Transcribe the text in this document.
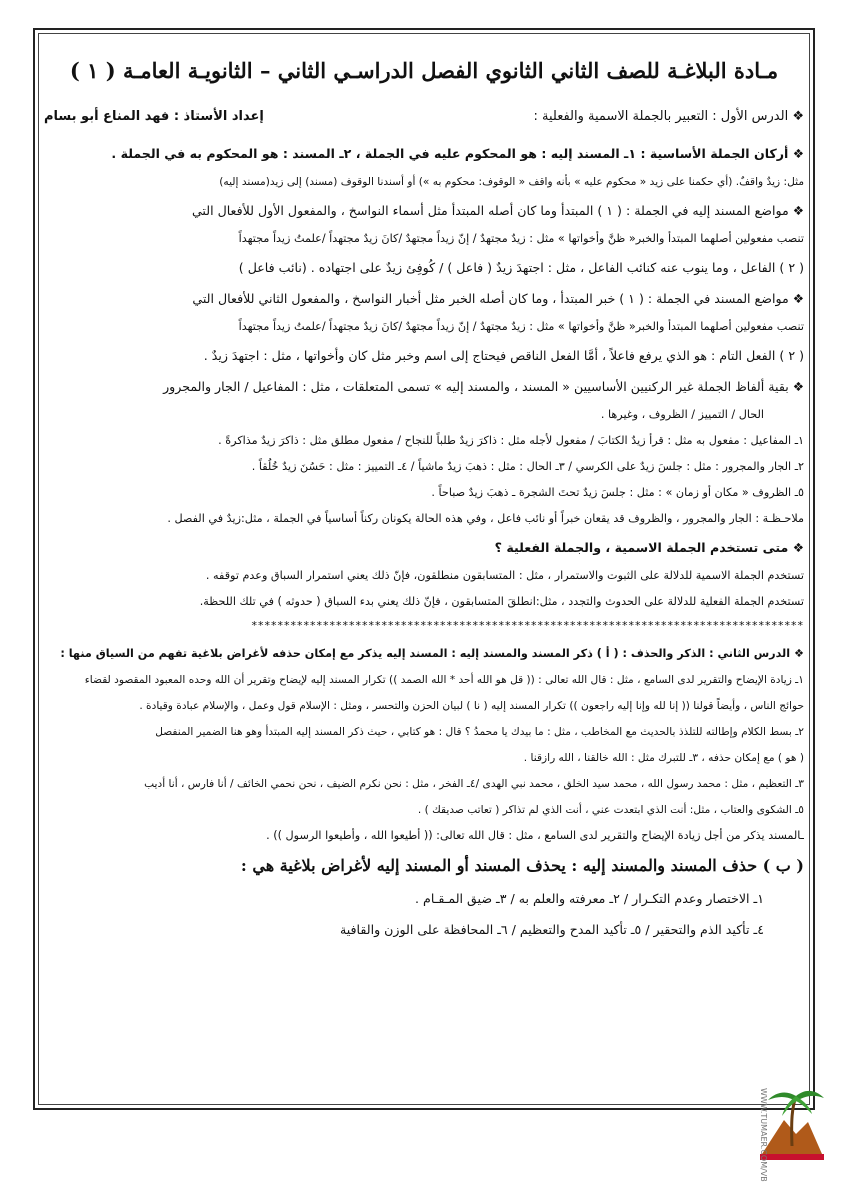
مـادة البلاغـة للصف الثاني الثانوي الفصل الدراسـي الثاني – الثانويـة العامـة ( ١ )
❖ الدرس الأول : التعبير بالجملة الاسمية والفعلية :
إعداد الأستاذ : فهد المناع أبو بسام
❖ أركان الجملة الأساسية : ١ـ المسند إليه : هو المحكوم عليه في الجملة ، ٢ـ المسند : هو المحكوم به في الجملة .
مثل: زيدٌ واقفٌ. (أي حكمنا على زيد « محكوم عليه » بأنه واقف « الوقوف: محكوم به ») أو أسندنا الوقوف (مسند) إلى زيد(مسند إليه)
❖ مواضع المسند إليه في الجملة : ( ١ ) المبتدأ وما كان أصله المبتدأ مثل أسماء النواسخ ، والمفعول الأول للأفعال التي
تنصب مفعولين أصلهما المبتدأ والخبر« ظنَّ وأخواتها » مثل : زيدٌ مجتهدٌ / إنّ زيداً مجتهدٌ /كانَ زيدٌ مجتهداً /علمتُ زيداً مجتهداً
( ٢ ) الفاعل ، وما ينوب عنه كنائب الفاعل ، مثل : اجتهدَ زيدٌ ( فاعل ) / كُوفِئ زيدٌ على اجتهاده . (نائب فاعل )
❖ مواضع المسند في الجملة : ( ١ ) خبر المبتدأ ، وما كان أصله الخبر مثل أخبار النواسخ ، والمفعول الثاني للأفعال التي
تنصب مفعولين أصلهما المبتدأ والخبر« ظنَّ وأخواتها » مثل : زيدٌ مجتهدٌ / إنّ زيداً مجتهدٌ /كانَ زيدٌ مجتهداً /علمتُ زيداً مجتهداً
( ٢ ) الفعل التام : هو الذي يرفع فاعلاً ، أمَّا الفعل الناقص فيحتاج إلى اسم وخبر مثل كان وأخواتها ، مثل : اجتهدَ زيدٌ .
❖ بقية ألفاظ الجملة غير الركنيين الأساسيين « المسند ، والمسند إليه » تسمى المتعلقات ، مثل : المفاعيل / الجار والمجرور
الحال / التمييز / الظروف ، وغيرها .
١ـ المفاعيل : مفعول به مثل : قرأ زيدٌ الكتابَ / مفعول لأجله مثل : ذاكرَ زيدٌ طلباً للنجاح / مفعول مطلق مثل : ذاكرَ زيدٌ مذاكرةً .
٢ـ الجار والمجرور : مثل : جلسَ زيدٌ على الكرسي / ٣ـ الحال : مثل : ذهبَ زيدٌ ماشياً / ٤ـ التمييز : مثل : حَسُنَ زيدٌ خُلُقاً .
٥ـ الظروف « مكان أو زمان » : مثل : جلسَ زيدٌ تحتَ الشجرة ـ ذهبَ زيدٌ صباحاً .
ملاحـظـة : الجار والمجرور ، والظروف قد يقعان خبراً أو نائب فاعل ، وفي هذه الحالة يكونان ركناً أساسياً في الجملة ، مثل:زيدٌ في الفصل .
❖ متى تستخدم الجملة الاسمية ، والجملة الفعلية ؟
تستخدم الجملة الاسمية للدلالة على الثبوت والاستمرار ، مثل : المتسابقون منطلقون، فإنّ ذلك يعني استمرار السباق وعدم توقفه .
تستخدم الجملة الفعلية للدلالة على الحدوث والتجدد ، مثل:انطلقَ المتسابقون ، فإنّ ذلك يعني بدء السباق ( حدوثه ) في تلك اللحظة.
*************************************************************************************
❖ الدرس الثاني : الذكر والحذف : ( أ ) ذكر المسند والمسند إليه : المسند إليه يذكر مع إمكان حذفه لأغراض بلاغية تفهم من السياق منها :
١ـ زيادة الإيضاح والتقرير لدى السامع ، مثل : قال الله تعالى : (( قل هو الله أحد * الله الصمد )) تكرار المسند إليه لإيضاح وتقرير أن الله وحده المعبود المقصود لقضاء
حوائج الناس ، وأيضاً قولنا (( إنا لله وإنا إليه راجعون )) تكرار المسند إليه ( نا ) لبيان الحزن والتحسر ، ومثل : الإسلام قول وعمل ، والإسلام عبادة وقيادة .
٢ـ بسط الكلام وإطالته للتلذذ بالحديث مع المخاطب ، مثل : ما بيدك يا محمدُ ؟ قال : هو كتابي ، حيث ذكر المسند إليه المبتدأ وهو هنا الضمير المنفصل
( هو ) مع إمكان حذفه ، ٣ـ للتبرك مثل : الله خالقنا ، الله رازقنا .
٣ـ التعظيم ، مثل : محمد رسول الله ، محمد سيد الخلق ، محمد نبي الهدى /٤ـ الفخر ، مثل : نحن نكرم الضيف ، نحن نحمي الخائف / أنا فارس ، أنا أديب
٥ـ الشكوى والعتاب ، مثل: أنت الذي ابتعدت عني ، أنت الذي لم تذاكر ( تعاتب صديقك ) .
ـالمسند يذكر من أجل زيادة الإيضاح والتقرير لدى السامع ، مثل : قال الله تعالى: (( أطيعوا الله ، وأطيعوا الرسول )) .
( ب ) حذف المسند والمسند إليه : يحذف المسند أو المسند إليه لأغراض بلاغية هي :
١ـ الاختصار وعدم التكـرار / ٢ـ معرفته والعلم به / ٣ـ ضيق المـقـام .
٤ـ تأكيد الذم والتحقير / ٥ـ تأكيد المدح والتعظيم / ٦ـ المحافظة على الوزن والقافية
WWW.TUMAER.COM/VB
